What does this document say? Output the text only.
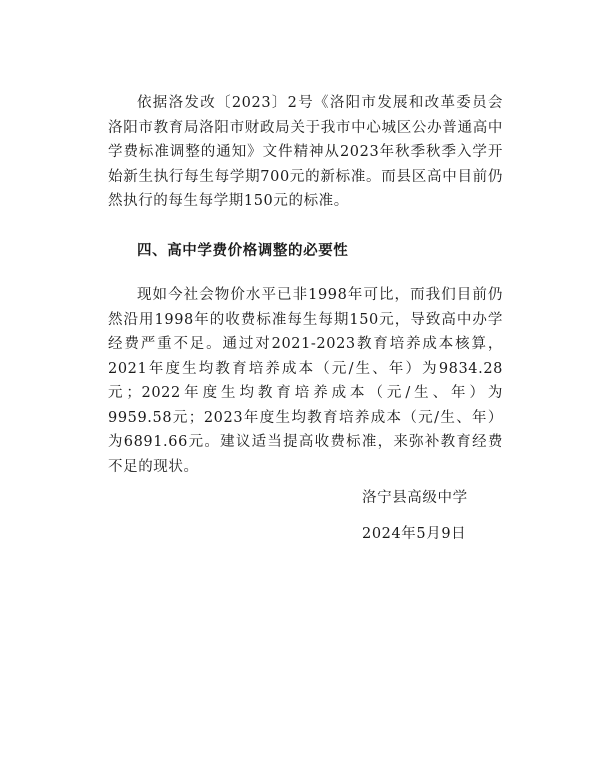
依据洛发改〔2023〕2号《洛阳市发展和改革委员会洛阳市教育局洛阳市财政局关于我市中心城区公办普通高中学费标准调整的通知》文件精神从2023年秋季秋季入学开始新生执行每生每学期700元的新标准。而县区高中目前仍然执行的每生每学期150元的标准。

四、高中学费价格调整的必要性

现如今社会物价水平已非1998年可比，而我们目前仍然沿用1998年的收费标准每生每期150元，导致高中办学经费严重不足。通过对2021-2023教育培养成本核算，2021年度生均教育培养成本（元/生、年）为9834.28元；2022年度生均教育培养成本（元/生、年）为9959.58元；2023年度生均教育培养成本（元/生、年）为6891.66元。建议适当提高收费标准，来弥补教育经费不足的现状。

洛宁县高级中学

2024年5月9日
